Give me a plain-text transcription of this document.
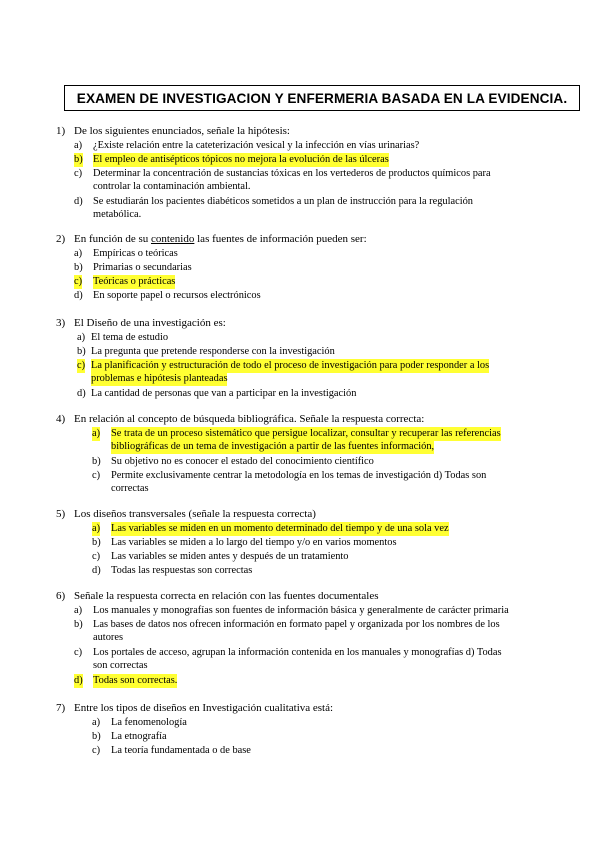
EXAMEN DE INVESTIGACION Y ENFERMERIA BASADA EN LA EVIDENCIA.
1) De los siguientes enunciados, señale la hipótesis:
a) ¿Existe relación entre la cateterización vesical y la infección en vías urinarias?
b) El empleo de antisépticos tópicos no mejora la evolución de las úlceras
c) Determinar la concentración de sustancias tóxicas en los vertederos de productos químicos para
controlar la contaminación ambiental.
d) Se estudiarán los pacientes diabéticos sometidos a un plan de instrucción para la regulación
metabólica.
2) En función de su contenido las fuentes de información pueden ser:
a) Empíricas o teóricas
b) Primarias o secundarias
c) Teóricas o prácticas
d) En soporte papel o recursos electrónicos
3) El Diseño de una investigación es:
a) El tema de estudio
b) La pregunta que pretende responderse con la investigación
c) La planificación y estructuración de todo el proceso de investigación para poder responder a los
problemas e hipótesis planteadas
d) La cantidad de personas que van a participar en la investigación
4) En relación al concepto de búsqueda bibliográfica. Señale la respuesta correcta:
a) Se trata de un proceso sistemático que persigue localizar, consultar y recuperar las referencias
bibliográficas de un tema de investigación a partir de las fuentes información,
b) Su objetivo no es conocer el estado del conocimiento científico
c) Permite exclusivamente centrar la metodología en los temas de investigación d) Todas son
correctas
5) Los diseños transversales (señale la respuesta correcta)
a) Las variables se miden en un momento determinado del tiempo y de una sola vez
b) Las variables se miden a lo largo del tiempo y/o en varios momentos
c) Las variables se miden antes y después de un tratamiento
d) Todas las respuestas son correctas
6) Señale la respuesta correcta en relación con las fuentes documentales
a) Los manuales y monografías son fuentes de información básica y generalmente de carácter primaria
b) Las bases de datos nos ofrecen información en formato papel y organizada por los nombres de los
autores
c) Los portales de acceso, agrupan la información contenida en los manuales y monografías d) Todas
son correctas
d) Todas son correctas.
7) Entre los tipos de diseños en Investigación cualitativa está:
a) La fenomenología
b) La etnografía
c) La teoría fundamentada o de base
